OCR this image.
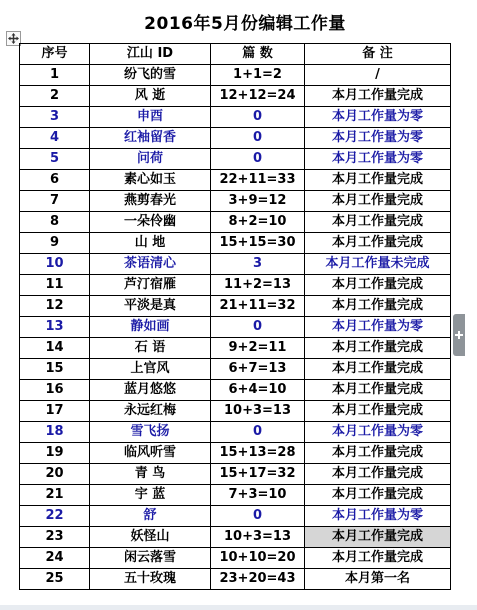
2016年5月份编辑工作量
序号	江山 ID	篇 数	备 注
1	纷飞的雪	1+1=2	/
2	风 逝	12+12=24	本月工作量完成
3	申酉	0	本月工作量为零
4	红袖留香	0	本月工作量为零
5	问荷	0	本月工作量为零
6	素心如玉	22+11=33	本月工作量完成
7	燕剪春光	3+9=12	本月工作量完成
8	一朵伶幽	8+2=10	本月工作量完成
9	山 地	15+15=30	本月工作量完成
10	茶语清心	3	本月工作量未完成
11	芦汀宿雁	11+2=13	本月工作量完成
12	平淡是真	21+11=32	本月工作量完成
13	静如画	0	本月工作量为零
14	石 语	9+2=11	本月工作量完成
15	上官风	6+7=13	本月工作量完成
16	蓝月悠悠	6+4=10	本月工作量完成
17	永远红梅	10+3=13	本月工作量完成
18	雪飞扬	0	本月工作量为零
19	临风听雪	15+13=28	本月工作量完成
20	青 鸟	15+17=32	本月工作量完成
21	宇 蓝	7+3=10	本月工作量完成
22	舒	0	本月工作量为零
23	妖怪山	10+3=13	本月工作量完成
24	闲云落雪	10+10=20	本月工作量完成
25	五十玫瑰	23+20=43	本月第一名
